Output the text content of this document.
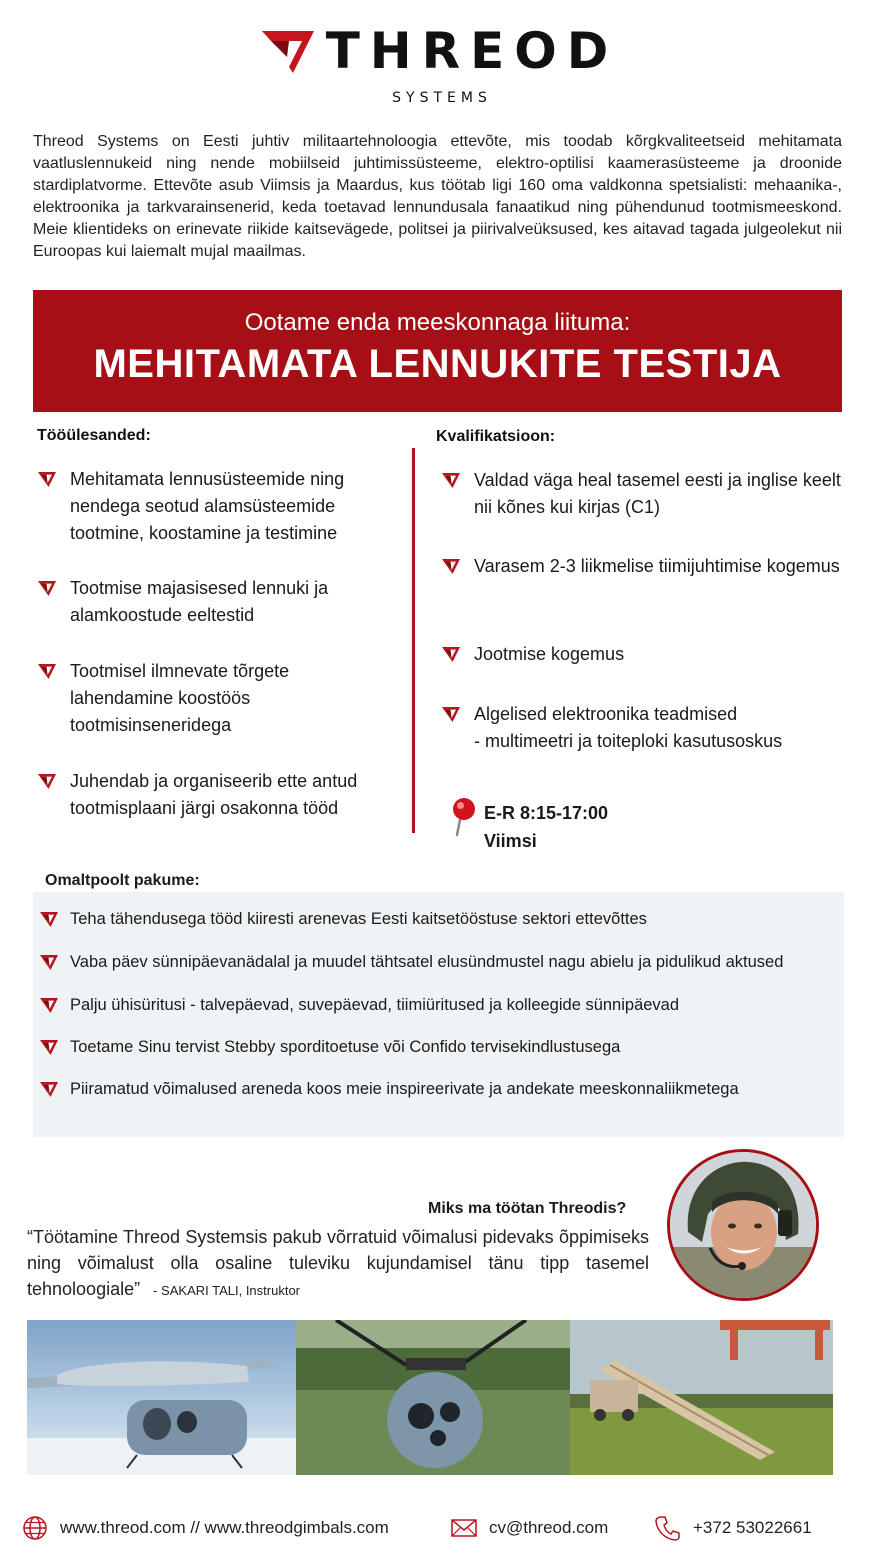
THREOD
SYSTEMS

Threod Systems on Eesti juhtiv militaartehnoloogia ettevõte, mis toodab kõrgkvaliteetseid mehitamata vaatluslennukeid ning nende mobiilseid juhtimissüsteeme, elektro-optilisi kaamerasüsteeme ja droonide stardiplatvorme. Ettevõte asub Viimsis ja Maardus, kus töötab ligi 160 oma valdkonna spetsialisti: mehaanika-, elektroonika ja tarkvarainsenerid, keda toetavad lennundusala fanaatikud ning pühendunud tootmismeeskond. Meie klientideks on erinevate riikide kaitsevägede, politsei ja piirivalveüksused, kes aitavad tagada julgeolekut nii Euroopas kui laiemalt mujal maailmas.

Ootame enda meeskonnaga liituma:
MEHITAMATA LENNUKITE TESTIJA
Tööülesanded:
Mehitamata lennusüsteemide ning nendega seotud alamsüsteemide tootmine, koostamine ja testimine
Tootmise majasisesed lennuki ja alamkoostude eeltestid
Tootmisel ilmnevate tõrgete lahendamine koostöös tootmisinseneridega
Juhendab ja organiseerib ette antud tootmisplaani järgi osakonna tööd
Kvalifikatsioon:
Valdad väga heal tasemel eesti ja inglise keelt nii kõnes kui kirjas (C1)
Varasem 2-3 liikmelise tiimijuhtimise kogemus
Jootmise kogemus
Algelised elektroonika teadmised
- multimeetri ja toiteploki kasutusoskus
E-R 8:15-17:00
Viimsi
Omaltpoolt pakume:
Teha tähendusega tööd kiiresti arenevas Eesti kaitsetööstuse sektori ettevõttes
Vaba päev sünnipäevanädalal ja muudel tähtsatel elusündmustel nagu abielu ja pidulikud aktused
Palju ühisüritusi - talvepäevad, suvepäevad, tiimiüritused ja kolleegide sünnipäevad
Toetame Sinu tervist Stebby sporditoetuse või Confido tervisekindlustusega
Piiramatud võimalused areneda koos meie inspireerivate ja andekate meeskonnaliikmetega
Miks ma töötan Threodis?

“Töötamine Threod Systemsis pakub võrratuid võimalusi pidevaks õppimiseks ning võimalust olla osaline tuleviku kujundamisel tänu tipp tasemel tehnoloogiale” - SAKARI TALI, Instruktor

www.threod.com // www.threodgimbals.com	cv@threod.com	+372 53022661
